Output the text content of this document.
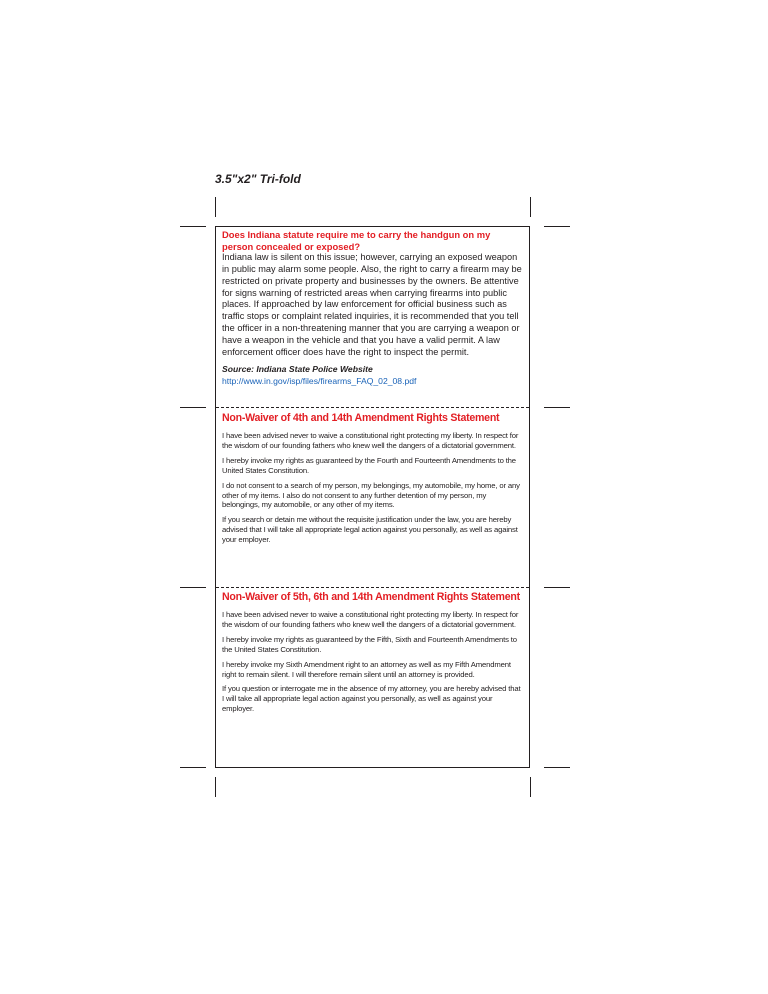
3.5"x2" Tri-fold

Does Indiana statute require me to carry the handgun on my person concealed or exposed?

Indiana law is silent on this issue; however, carrying an exposed weapon in public may alarm some people. Also, the right to carry a firearm may be restricted on private property and businesses by the owners. Be attentive for signs warning of restricted areas when carrying firearms into public places. If approached by law enforcement for official business such as traffic stops or complaint related inquiries, it is recommended that you tell the officer in a non-threatening manner that you are carrying a weapon or have a weapon in the vehicle and that you have a valid permit. A law enforcement officer does have the right to inspect the permit.

Source: Indiana State Police Website

http://www.in.gov/isp/files/firearms_FAQ_02_08.pdf

Non-Waiver of 4th and 14th Amendment Rights Statement

I have been advised never to waive a constitutional right protecting my liberty. In respect for the wisdom of our founding fathers who knew well the dangers of a dictatorial government.

I hereby invoke my rights as guaranteed by the Fourth and Fourteenth Amendments to the United States Constitution.

I do not consent to a search of my person, my belongings, my automobile, my home, or any other of my items. I also do not consent to any further detention of my person, my belongings, my automobile, or any other of my items.

If you search or detain me without the requisite justification under the law, you are hereby advised that I will take all appropriate legal action against you personally, as well as against your employer.

Non-Waiver of 5th, 6th and 14th Amendment Rights Statement

I have been advised never to waive a constitutional right protecting my liberty. In respect for the wisdom of our founding fathers who knew well the dangers of a dictatorial government.

I hereby invoke my rights as guaranteed by the Fifth, Sixth and Fourteenth Amendments to the United States Constitution.

I hereby invoke my Sixth Amendment right to an attorney as well as my Fifth Amendment right to remain silent. I will therefore remain silent until an attorney is provided.

If you question or interrogate me in the absence of my attorney, you are hereby advised that I will take all appropriate legal action against you personally, as well as against your employer.
